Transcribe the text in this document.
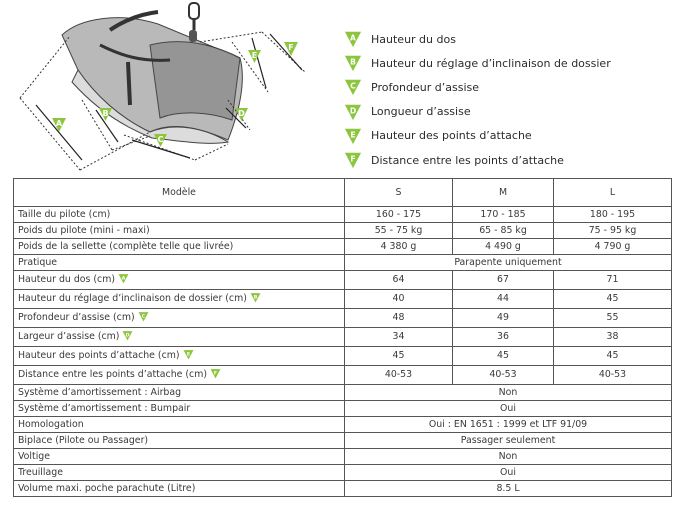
A
B
C
D
E
F
A Hauteur du dos
B Hauteur du réglage d’inclinaison de dossier
C Profondeur d’assise
D Longueur d’assise
E Hauteur des points d’attache
F Distance entre les points d’attache
Modèle	S	M	L
Taille du pilote (cm)	160 - 175	170 - 185	180 - 195
Poids du pilote (mini - maxi)	55 - 75 kg	65 - 85 kg	75 - 95 kg
Poids de la sellette (complète telle que livrée)	4 380 g	4 490 g	4 790 g
Pratique	Parapente uniquement		
Hauteur du dos (cm) A	64	67	71
Hauteur du réglage d’inclinaison de dossier (cm) B	40	44	45
Profondeur d’assise (cm) C	48	49	55
Largeur d’assise (cm) D	34	36	38
Hauteur des points d’attache (cm) E	45	45	45
Distance entre les points d’attache (cm) F	40-53	40-53	40-53
Système d’amortissement : Airbag	Non		
Système d’amortissement : Bumpair	Oui		
Homologation	Oui : EN 1651 : 1999 et LTF 91/09		
Biplace (Pilote ou Passager)	Passager seulement		
Voltige	Non		
Treuillage	Oui		
Volume maxi. poche parachute (Litre)	8.5 L		
